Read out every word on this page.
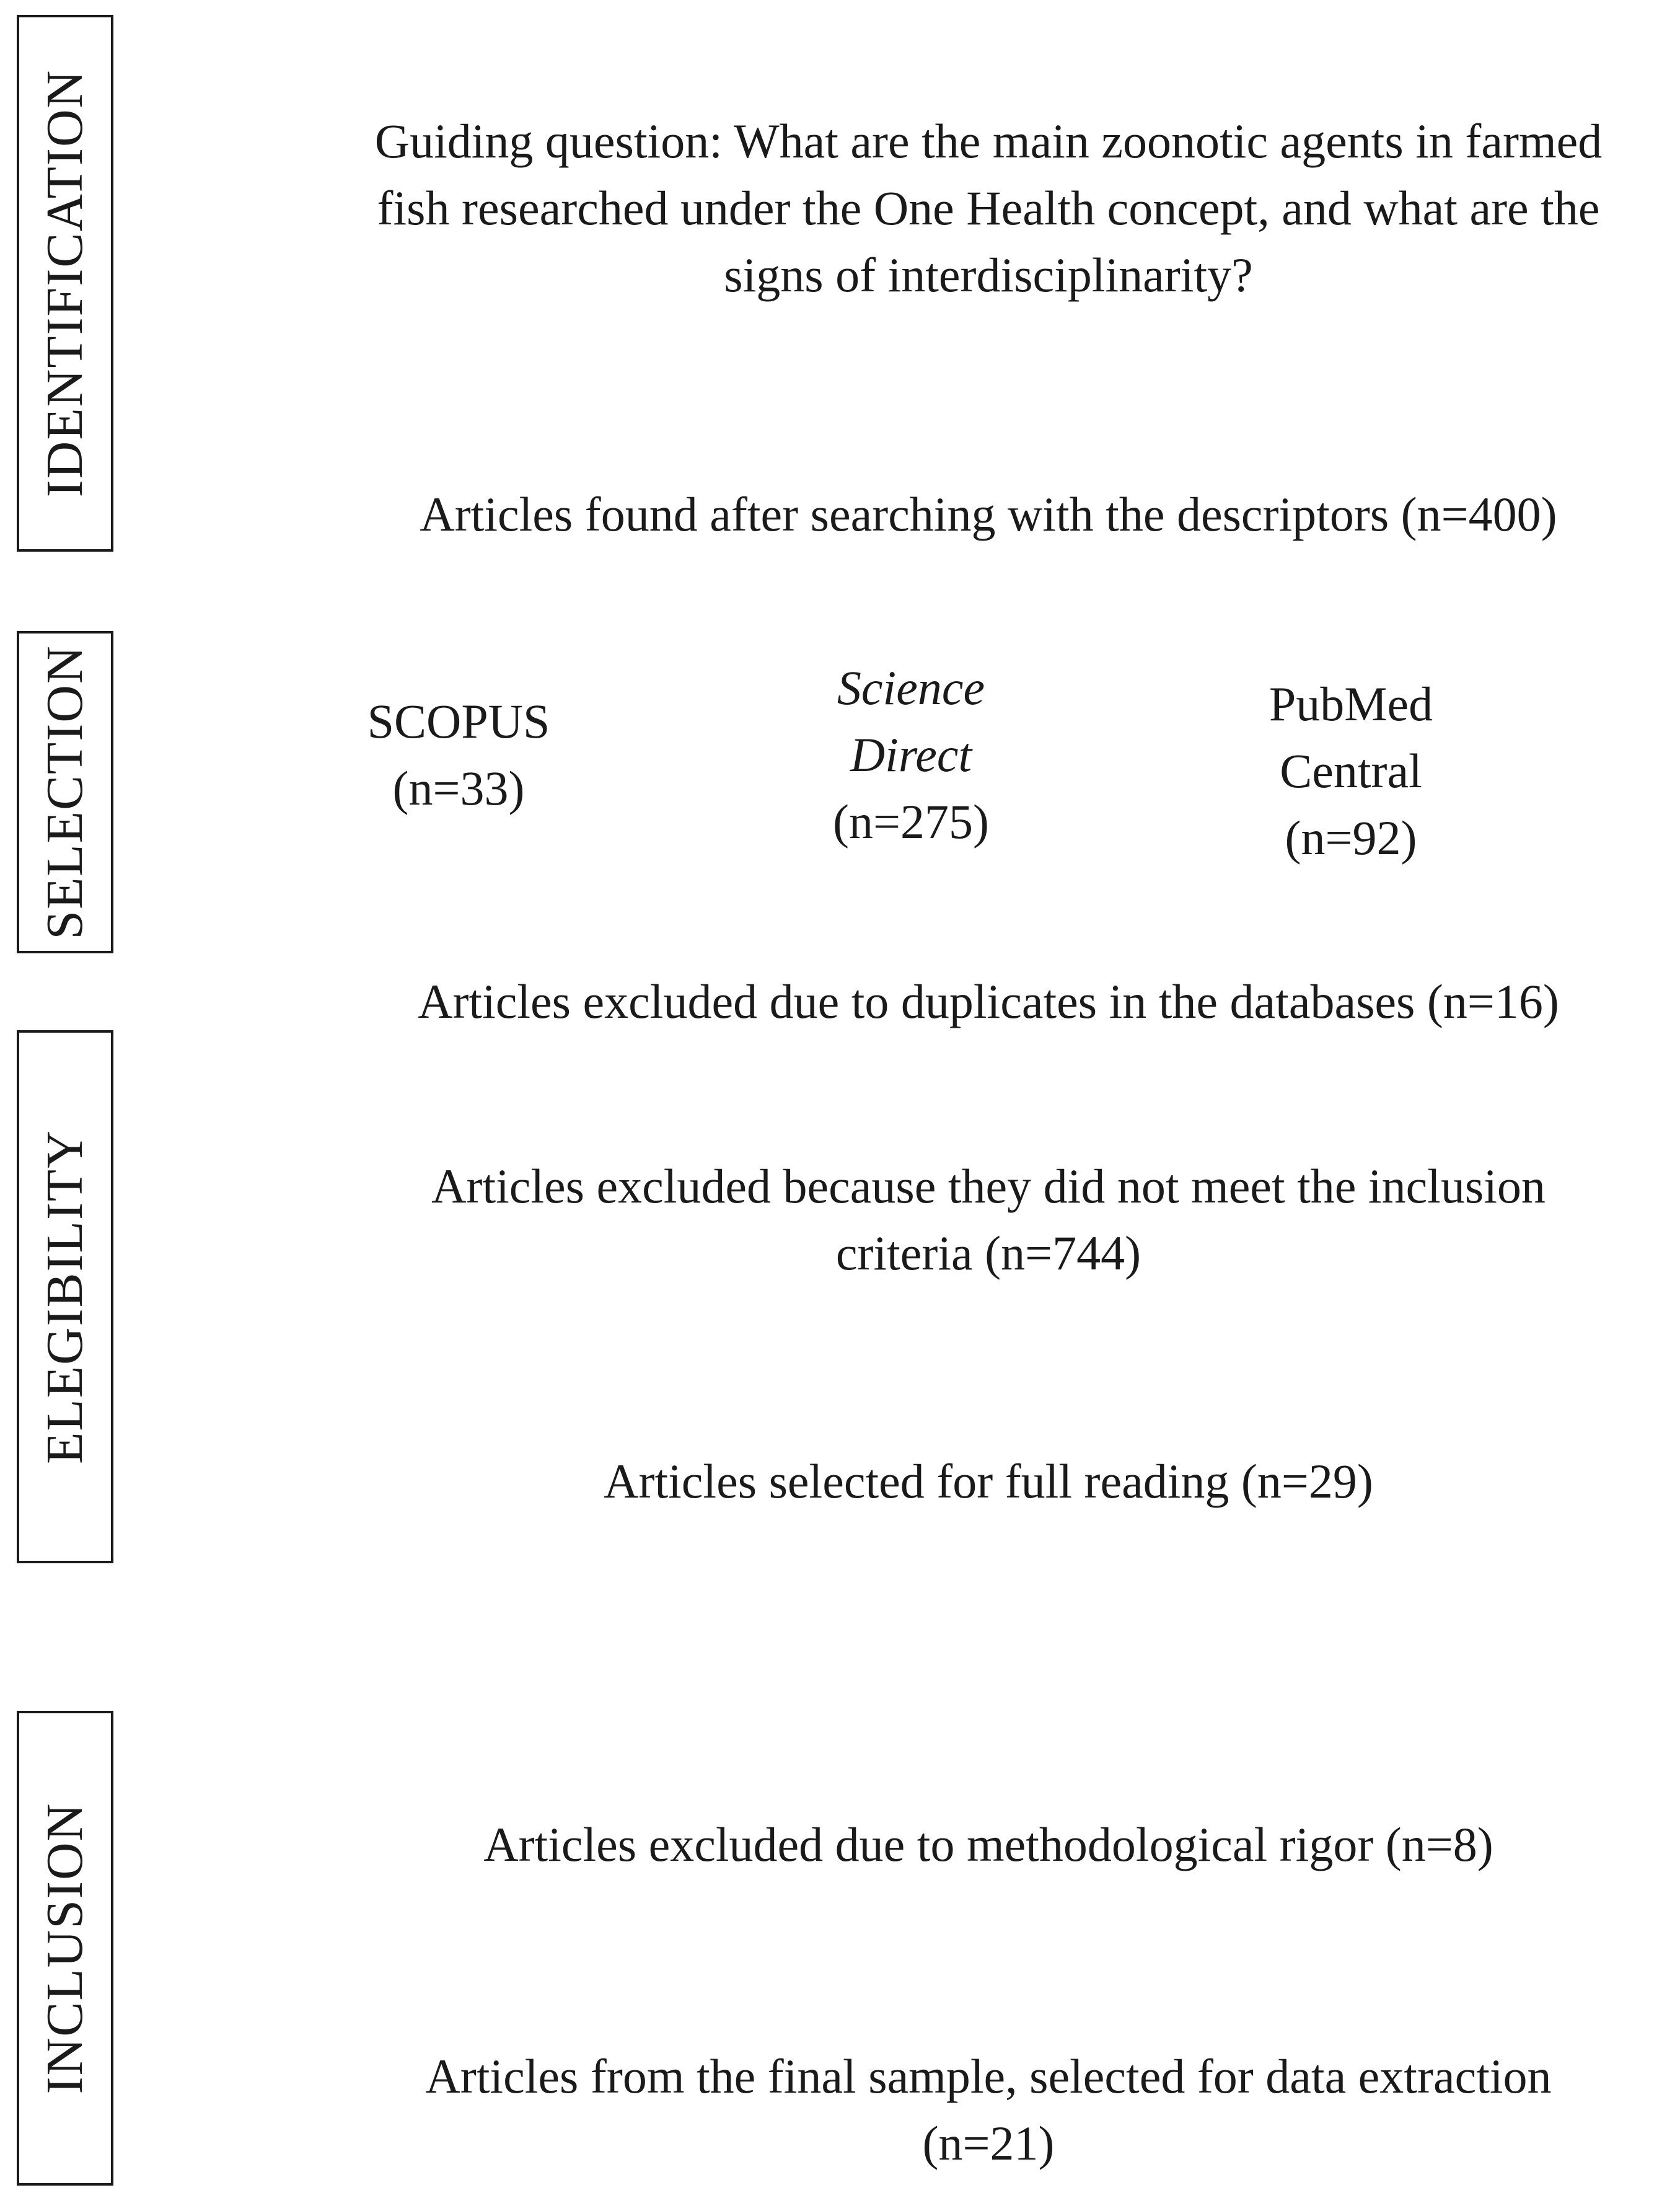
IDENTIFICATION
SELECTION
ELEGIBILITY
INCLUSION
Guiding question: What are the main zoonotic agents in farmed
fish researched under the One Health concept, and what are the
signs of interdisciplinarity?
Articles found after searching with the descriptors (n=400)
SCOPUS
(n=33)
Science
Direct
(n=275)
PubMed
Central
(n=92)
Articles excluded due to duplicates in the databases (n=16)
Articles excluded because they did not meet the inclusion
criteria (n=744)
Articles selected for full reading (n=29)
Articles excluded due to methodological rigor (n=8)
Articles from the final sample, selected for data extraction
(n=21)
